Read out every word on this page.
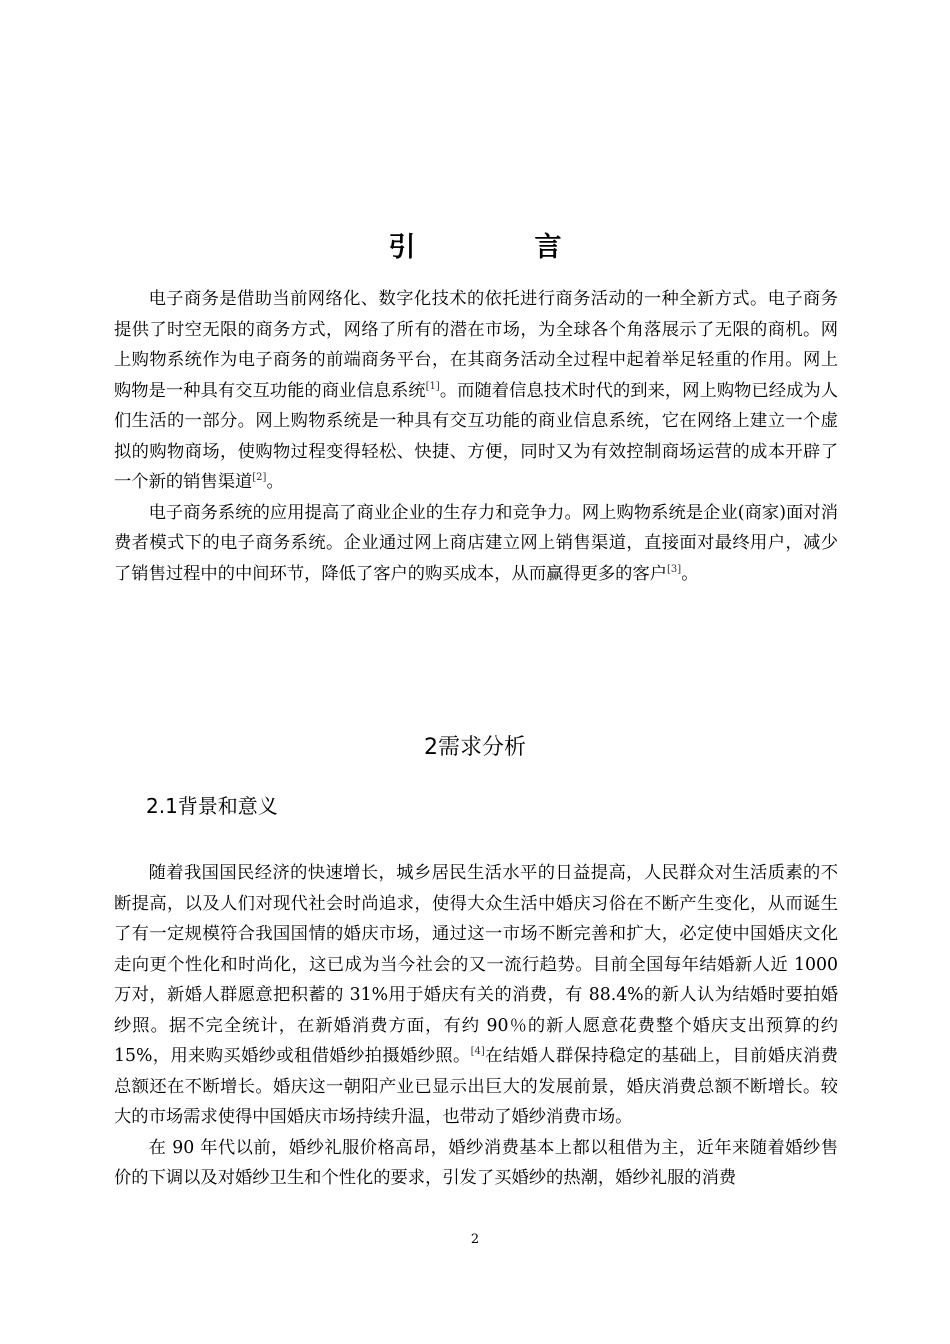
引　言

电子商务是借助当前网络化、数字化技术的依托进行商务活动的一种全新方式。电子商务提供了时空无限的商务方式，网络了所有的潜在市场，为全球各个角落展示了无限的商机。网上购物系统作为电子商务的前端商务平台，在其商务活动全过程中起着举足轻重的作用。网上购物是一种具有交互功能的商业信息系统[1]。而随着信息技术时代的到来，网上购物已经成为人们生活的一部分。网上购物系统是一种具有交互功能的商业信息系统，它在网络上建立一个虚拟的购物商场，使购物过程变得轻松、快捷、方便，同时又为有效控制商场运营的成本开辟了一个新的销售渠道[2]。

电子商务系统的应用提高了商业企业的生存力和竞争力。网上购物系统是企业(商家)面对消费者模式下的电子商务系统。企业通过网上商店建立网上销售渠道，直接面对最终用户，减少了销售过程中的中间环节，降低了客户的购买成本，从而赢得更多的客户[3]。

2需求分析
2.1背景和意义

随着我国国民经济的快速增长，城乡居民生活水平的日益提高，人民群众对生活质素的不断提高，以及人们对现代社会时尚追求，使得大众生活中婚庆习俗在不断产生变化，从而诞生了有一定规模符合我国国情的婚庆市场，通过这一市场不断完善和扩大，必定使中国婚庆文化走向更个性化和时尚化，这已成为当今社会的又一流行趋势。目前全国每年结婚新人近 1000 万对，新婚人群愿意把积蓄的 31%用于婚庆有关的消费，有 88.4%的新人认为结婚时要拍婚纱照。据不完全统计，在新婚消费方面，有约 90％的新人愿意花费整个婚庆支出预算的约 15%，用来购买婚纱或租借婚纱拍摄婚纱照。[4]在结婚人群保持稳定的基础上，目前婚庆消费总额还在不断增长。婚庆这一朝阳产业已显示出巨大的发展前景，婚庆消费总额不断增长。较大的市场需求使得中国婚庆市场持续升温，也带动了婚纱消费市场。

在 90 年代以前，婚纱礼服价格高昂，婚纱消费基本上都以租借为主，近年来随着婚纱售价的下调以及对婚纱卫生和个性化的要求，引发了买婚纱的热潮，婚纱礼服的消费

2
